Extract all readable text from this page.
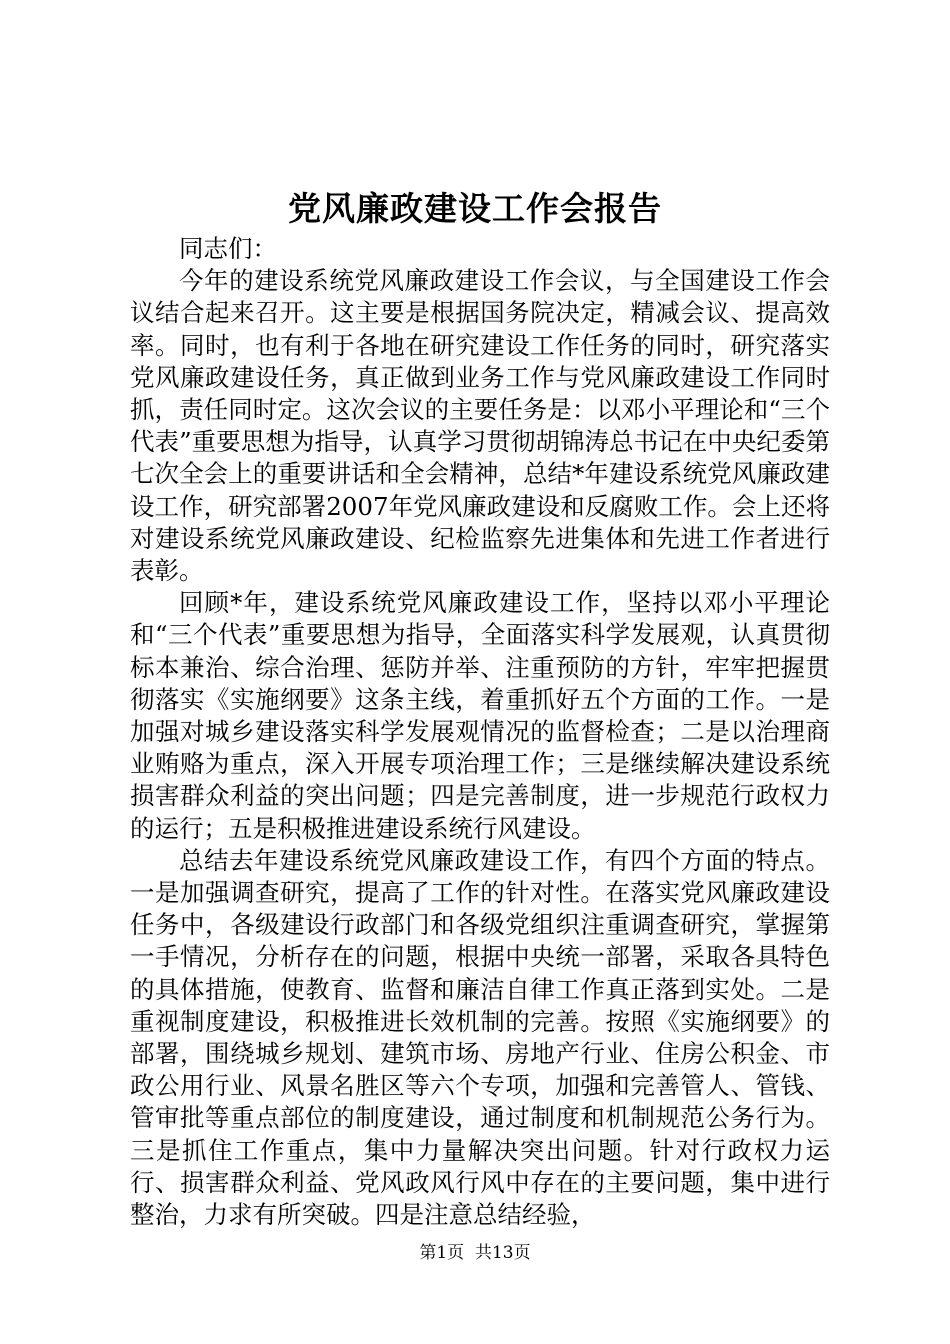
党风廉政建设工作会报告

同志们：

今年的建设系统党风廉政建设工作会议，与全国建设工作会议结合起来召开。这主要是根据国务院决定，精减会议、提高效率。同时，也有利于各地在研究建设工作任务的同时，研究落实党风廉政建设任务，真正做到业务工作与党风廉政建设工作同时抓，责任同时定。这次会议的主要任务是：以邓小平理论和“三个代表”重要思想为指导，认真学习贯彻胡锦涛总书记在中央纪委第七次全会上的重要讲话和全会精神，总结*年建设系统党风廉政建设工作，研究部署2007年党风廉政建设和反腐败工作。会上还将对建设系统党风廉政建设、纪检监察先进集体和先进工作者进行表彰。

回顾*年，建设系统党风廉政建设工作，坚持以邓小平理论和“三个代表”重要思想为指导，全面落实科学发展观，认真贯彻标本兼治、综合治理、惩防并举、注重预防的方针，牢牢把握贯彻落实《实施纲要》这条主线，着重抓好五个方面的工作。一是加强对城乡建设落实科学发展观情况的监督检查；二是以治理商业贿赂为重点，深入开展专项治理工作；三是继续解决建设系统损害群众利益的突出问题；四是完善制度，进一步规范行政权力的运行；五是积极推进建设系统行风建设。

总结去年建设系统党风廉政建设工作，有四个方面的特点。一是加强调查研究，提高了工作的针对性。在落实党风廉政建设任务中，各级建设行政部门和各级党组织注重调查研究，掌握第一手情况，分析存在的问题，根据中央统一部署，采取各具特色的具体措施，使教育、监督和廉洁自律工作真正落到实处。二是重视制度建设，积极推进长效机制的完善。按照《实施纲要》的部署，围绕城乡规划、建筑市场、房地产行业、住房公积金、市政公用行业、风景名胜区等六个专项，加强和完善管人、管钱、管审批等重点部位的制度建设，通过制度和机制规范公务行为。三是抓住工作重点，集中力量解决突出问题。针对行政权力运行、损害群众利益、党风政风行风中存在的主要问题，集中进行整治，力求有所突破。四是注意总结经验，

第1页  共13页
